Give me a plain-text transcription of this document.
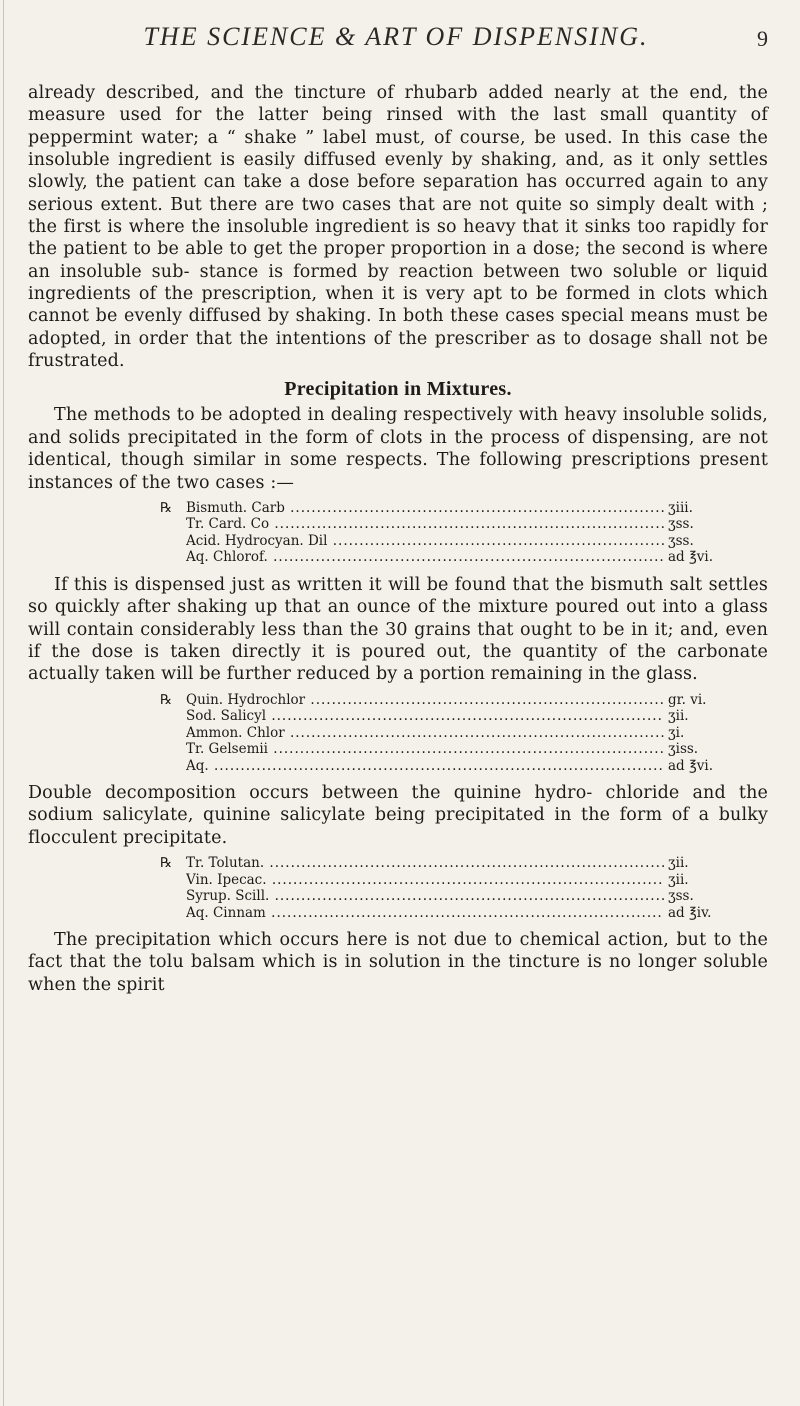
THE SCIENCE & ART OF DISPENSING.	9

already described, and the tincture of rhubarb added nearly at the end, the measure used for the latter being rinsed with the last small quantity of peppermint water; a “ shake ” label must, of course, be used. In this case the insoluble ingredient is easily diffused evenly by shaking, and, as it only settles slowly, the patient can take a dose before separation has occurred again to any serious extent. But there are two cases that are not quite so simply dealt with ; the first is where the insoluble ingredient is so heavy that it sinks too rapidly for the patient to be able to get the proper proportion in a dose; the second is where an insoluble sub- stance is formed by reaction between two soluble or liquid ingredients of the prescription, when it is very apt to be formed in clots which cannot be evenly diffused by shaking. In both these cases special means must be adopted, in order that the intentions of the prescriber as to dosage shall not be frustrated.

Precipitation in Mixtures.

The methods to be adopted in dealing respectively with heavy insoluble solids, and solids precipitated in the form of clots in the process of dispensing, are not identical, though similar in some respects. The following prescriptions present instances of the two cases :—

℞	Bismuth. Carb .....	ʒiii.
Tr. Card. Co .....	ʒss.
Acid. Hydrocyan. Dil .....	ʒss.
Aq. Chlorof. .....	ad ℥vi.

If this is dispensed just as written it will be found that the bismuth salt settles so quickly after shaking up that an ounce of the mixture poured out into a glass will contain considerably less than the 30 grains that ought to be in it; and, even if the dose is taken directly it is poured out, the quantity of the carbonate actually taken will be further reduced by a portion remaining in the glass.

℞	Quin. Hydrochlor .....	gr. vi.
Sod. Salicyl .....	ʒii.
Ammon. Chlor .....	ʒi.
Tr. Gelsemii .....	ʒiss.
Aq. .....	ad ℥vi.

Double decomposition occurs between the quinine hydro- chloride and the sodium salicylate, quinine salicylate being precipitated in the form of a bulky flocculent precipitate.

℞	Tr. Tolutan. .....	ʒii.
Vin. Ipecac. .....	ʒii.
Syrup. Scill. .....	ʒss.
Aq. Cinnam .....	ad ℥iv.

The precipitation which occurs here is not due to chemical action, but to the fact that the tolu balsam which is in solution in the tincture is no longer soluble when the spirit
